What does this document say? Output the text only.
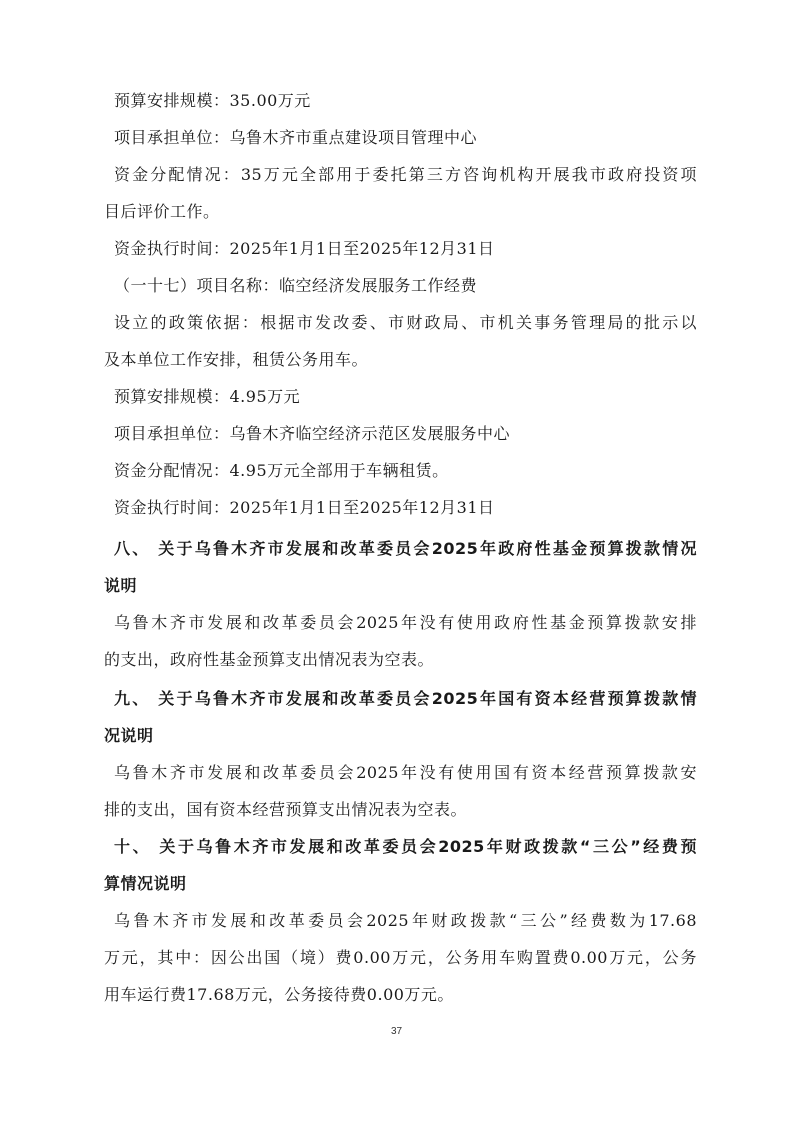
预算安排规模：35.00万元
项目承担单位：乌鲁木齐市重点建设项目管理中心
资金分配情况：35万元全部用于委托第三方咨询机构开展我市政府投资项
目后评价工作。
资金执行时间：2025年1月1日至2025年12月31日
（一十七）项目名称：临空经济发展服务工作经费
设立的政策依据：根据市发改委、市财政局、市机关事务管理局的批示以
及本单位工作安排，租赁公务用车。
预算安排规模：4.95万元
项目承担单位：乌鲁木齐临空经济示范区发展服务中心
资金分配情况：4.95万元全部用于车辆租赁。
资金执行时间：2025年1月1日至2025年12月31日
八、 关于乌鲁木齐市发展和改革委员会2025年政府性基金预算拨款情况
说明
乌鲁木齐市发展和改革委员会2025年没有使用政府性基金预算拨款安排
的支出，政府性基金预算支出情况表为空表。
九、 关于乌鲁木齐市发展和改革委员会2025年国有资本经营预算拨款情
况说明
乌鲁木齐市发展和改革委员会2025年没有使用国有资本经营预算拨款安
排的支出，国有资本经营预算支出情况表为空表。
十、 关于乌鲁木齐市发展和改革委员会2025年财政拨款“三公”经费预
算情况说明
乌鲁木齐市发展和改革委员会2025年财政拨款“三公”经费数为17.68
万元，其中：因公出国（境）费0.00万元，公务用车购置费0.00万元，公务
用车运行费17.68万元，公务接待费0.00万元。
37
